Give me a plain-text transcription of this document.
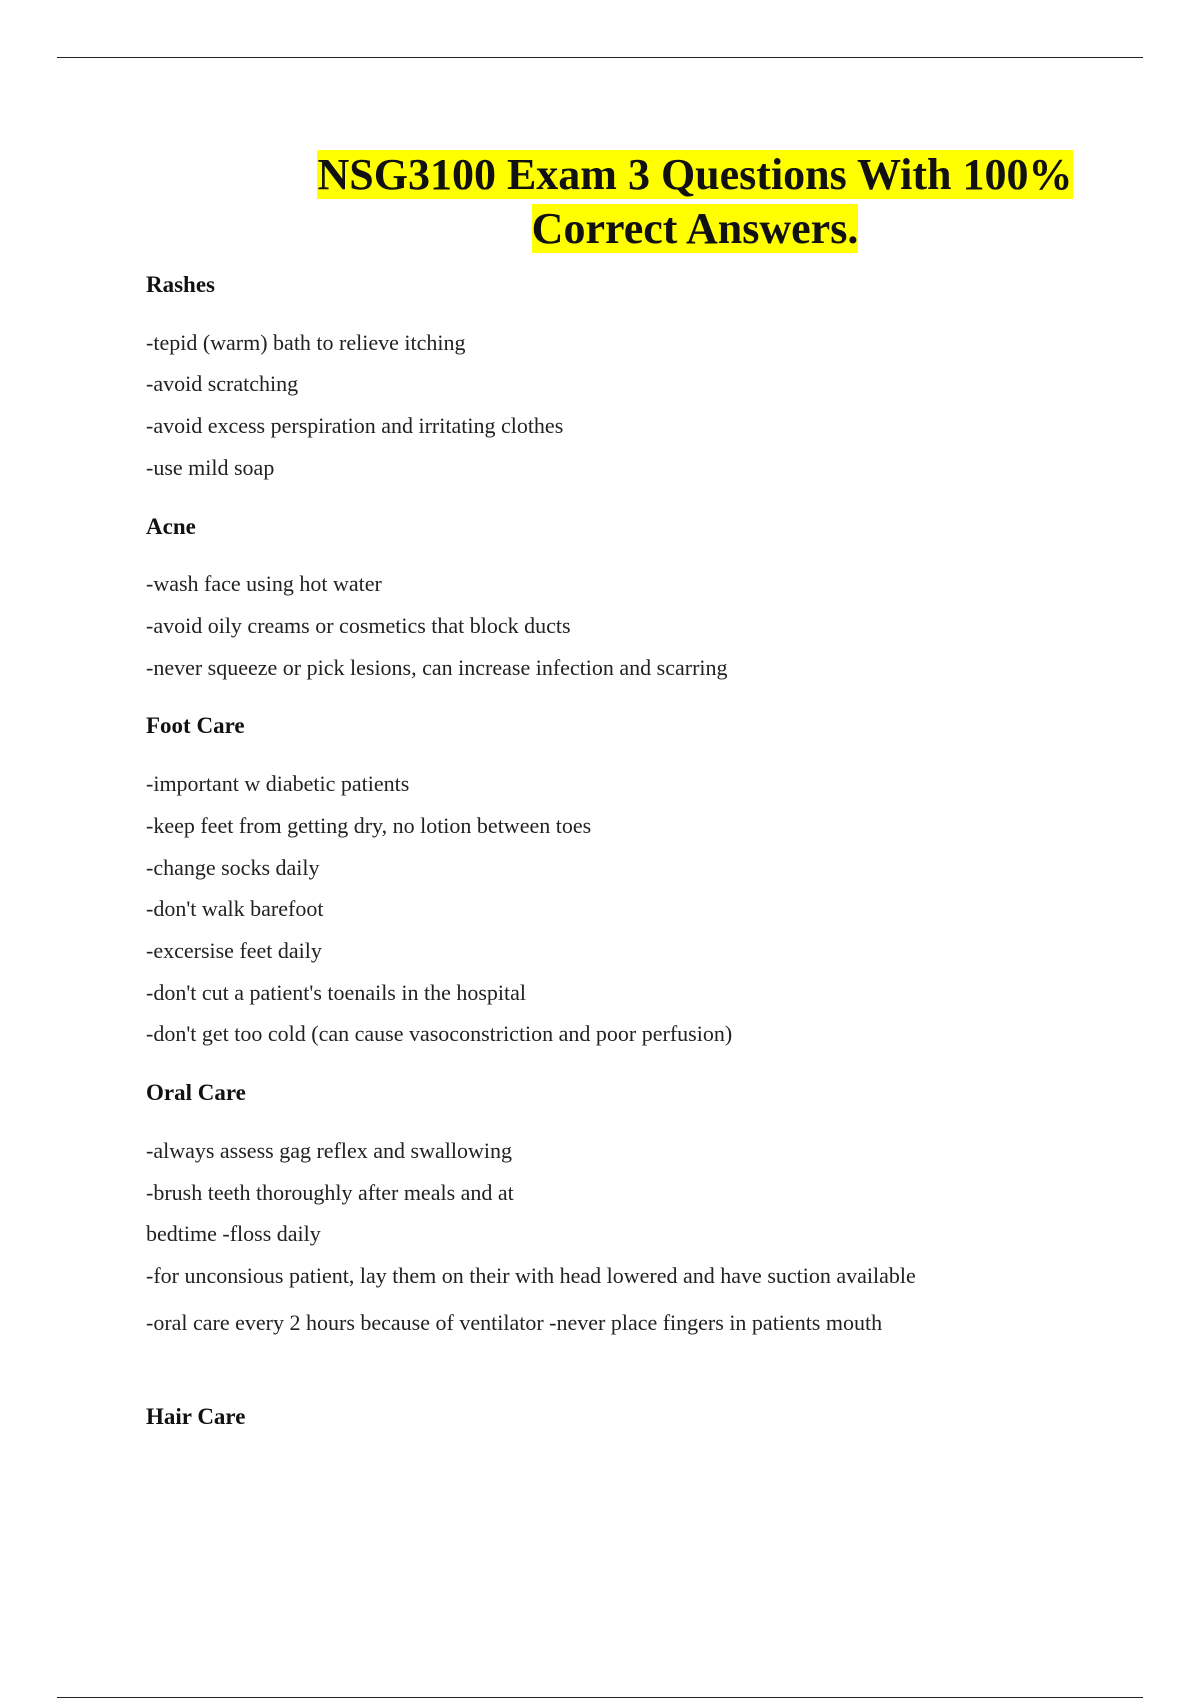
NSG3100 Exam 3 Questions With 100%
Correct Answers.
Rashes
-tepid (warm) bath to relieve itching
-avoid scratching
-avoid excess perspiration and irritating clothes
-use mild soap
Acne
-wash face using hot water
-avoid oily creams or cosmetics that block ducts
-never squeeze or pick lesions, can increase infection and scarring
Foot Care
-important w diabetic patients
-keep feet from getting dry, no lotion between toes
-change socks daily
-don't walk barefoot
-excersise feet daily
-don't cut a patient's toenails in the hospital
-don't get too cold (can cause vasoconstriction and poor perfusion)
Oral Care
-always assess gag reflex and swallowing
-brush teeth thoroughly after meals and at
bedtime -floss daily
-for unconsious patient, lay them on their with head lowered and have suction available
-oral care every 2 hours because of ventilator -never place fingers in patients mouth
Hair Care
